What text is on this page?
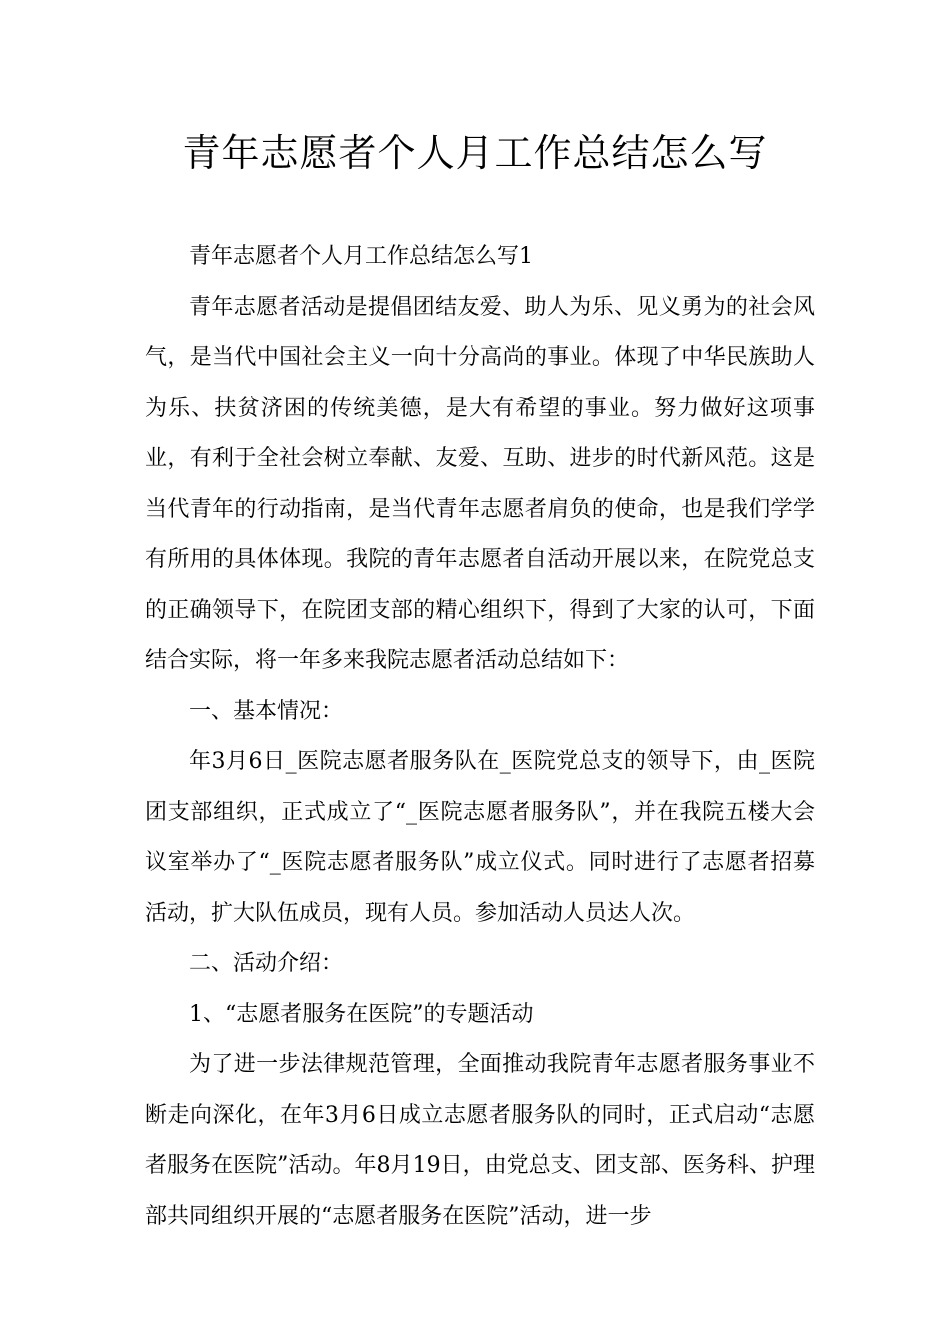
青年志愿者个人月工作总结怎么写

青年志愿者个人月工作总结怎么写1

青年志愿者活动是提倡团结友爱、助人为乐、见义勇为的社会风气，是当代中国社会主义一向十分高尚的事业。体现了中华民族助人为乐、扶贫济困的传统美德，是大有希望的事业。努力做好这项事业，有利于全社会树立奉献、友爱、互助、进步的时代新风范。这是当代青年的行动指南，是当代青年志愿者肩负的使命，也是我们学学有所用的具体体现。我院的青年志愿者自活动开展以来，在院党总支的正确领导下，在院团支部的精心组织下，得到了大家的认可，下面结合实际，将一年多来我院志愿者活动总结如下：

一、基本情况：

年3月6日_医院志愿者服务队在_医院党总支的领导下，由_医院团支部组织，正式成立了“_医院志愿者服务队”，并在我院五楼大会议室举办了“_医院志愿者服务队”成立仪式。同时进行了志愿者招募活动，扩大队伍成员，现有人员。参加活动人员达人次。

二、活动介绍：

1、“志愿者服务在医院”的专题活动

为了进一步法律规范管理，全面推动我院青年志愿者服务事业不断走向深化，在年3月6日成立志愿者服务队的同时，正式启动“志愿者服务在医院”活动。年8月19日，由党总支、团支部、医务科、护理部共同组织开展的“志愿者服务在医院”活动，进一步
